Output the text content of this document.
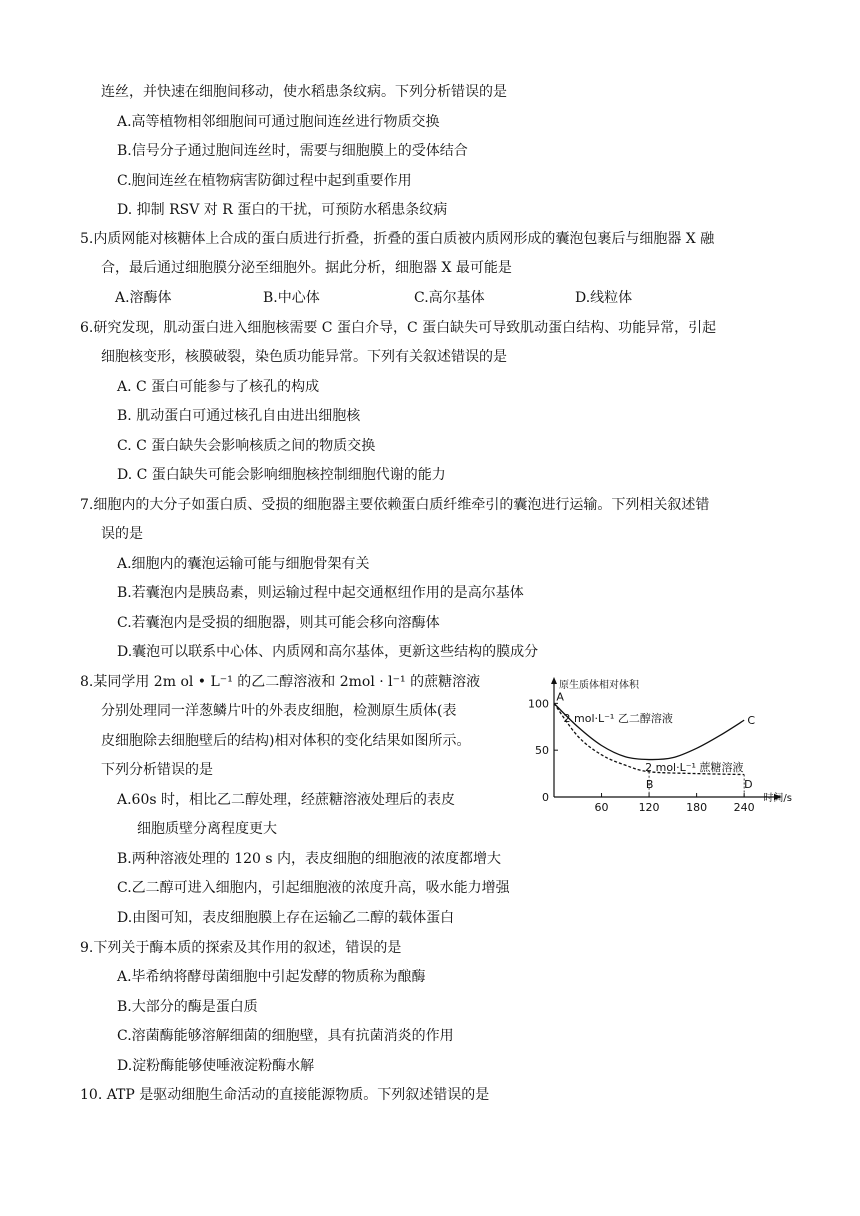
连丝，并快速在细胞间移动，使水稻患条纹病。下列分析错误的是
A.高等植物相邻细胞间可通过胞间连丝进行物质交换
B.信号分子通过胞间连丝时，需要与细胞膜上的受体结合
C.胞间连丝在植物病害防御过程中起到重要作用
D. 抑制 RSV 对 R 蛋白的干扰，可预防水稻患条纹病
5.内质网能对核糖体上合成的蛋白质进行折叠，折叠的蛋白质被内质网形成的囊泡包裹后与细胞器 X 融
合，最后通过细胞膜分泌至细胞外。据此分析，细胞器 X 最可能是
A.溶酶体	B.中心体	C.高尔基体	D.线粒体
6.研究发现，肌动蛋白进入细胞核需要 C 蛋白介导，C 蛋白缺失可导致肌动蛋白结构、功能异常，引起
细胞核变形，核膜破裂，染色质功能异常。下列有关叙述错误的是
A. C 蛋白可能参与了核孔的构成
B. 肌动蛋白可通过核孔自由进出细胞核
C. C 蛋白缺失会影响核质之间的物质交换
D. C 蛋白缺失可能会影响细胞核控制细胞代谢的能力
7.细胞内的大分子如蛋白质、受损的细胞器主要依赖蛋白质纤维牵引的囊泡进行运输。下列相关叙述错
误的是
A.细胞内的囊泡运输可能与细胞骨架有关
B.若囊泡内是胰岛素，则运输过程中起交通枢纽作用的是高尔基体
C.若囊泡内是受损的细胞器，则其可能会移向溶酶体
D.囊泡可以联系中心体、内质网和高尔基体，更新这些结构的膜成分
8.某同学用 2m ol • L⁻¹ 的乙二醇溶液和 2mol · l⁻¹ 的蔗糖溶液
分别处理同一洋葱鳞片叶的外表皮细胞，检测原生质体(表
皮细胞除去细胞壁后的结构)相对体积的变化结果如图所示。
下列分析错误的是
A.60s 时，相比乙二醇处理，经蔗糖溶液处理后的表皮
细胞质壁分离程度更大
B.两种溶液处理的 120 s 内，表皮细胞的细胞液的浓度都增大
C.乙二醇可进入细胞内，引起细胞液的浓度升高，吸水能力增强
D.由图可知，表皮细胞膜上存在运输乙二醇的载体蛋白
60	120 180 240
50
100
0
原生质体相对体积
时间/s
2 mol·L⁻¹ 乙二醇溶液
2 mol·L⁻¹ 蔗糖溶液
A
B
C
D
9.下列关于酶本质的探索及其作用的叙述，错误的是
A.毕希纳将酵母菌细胞中引起发酵的物质称为酿酶
B.大部分的酶是蛋白质
C.溶菌酶能够溶解细菌的细胞壁，具有抗菌消炎的作用
D.淀粉酶能够使唾液淀粉酶水解
10. ATP 是驱动细胞生命活动的直接能源物质。下列叙述错误的是
